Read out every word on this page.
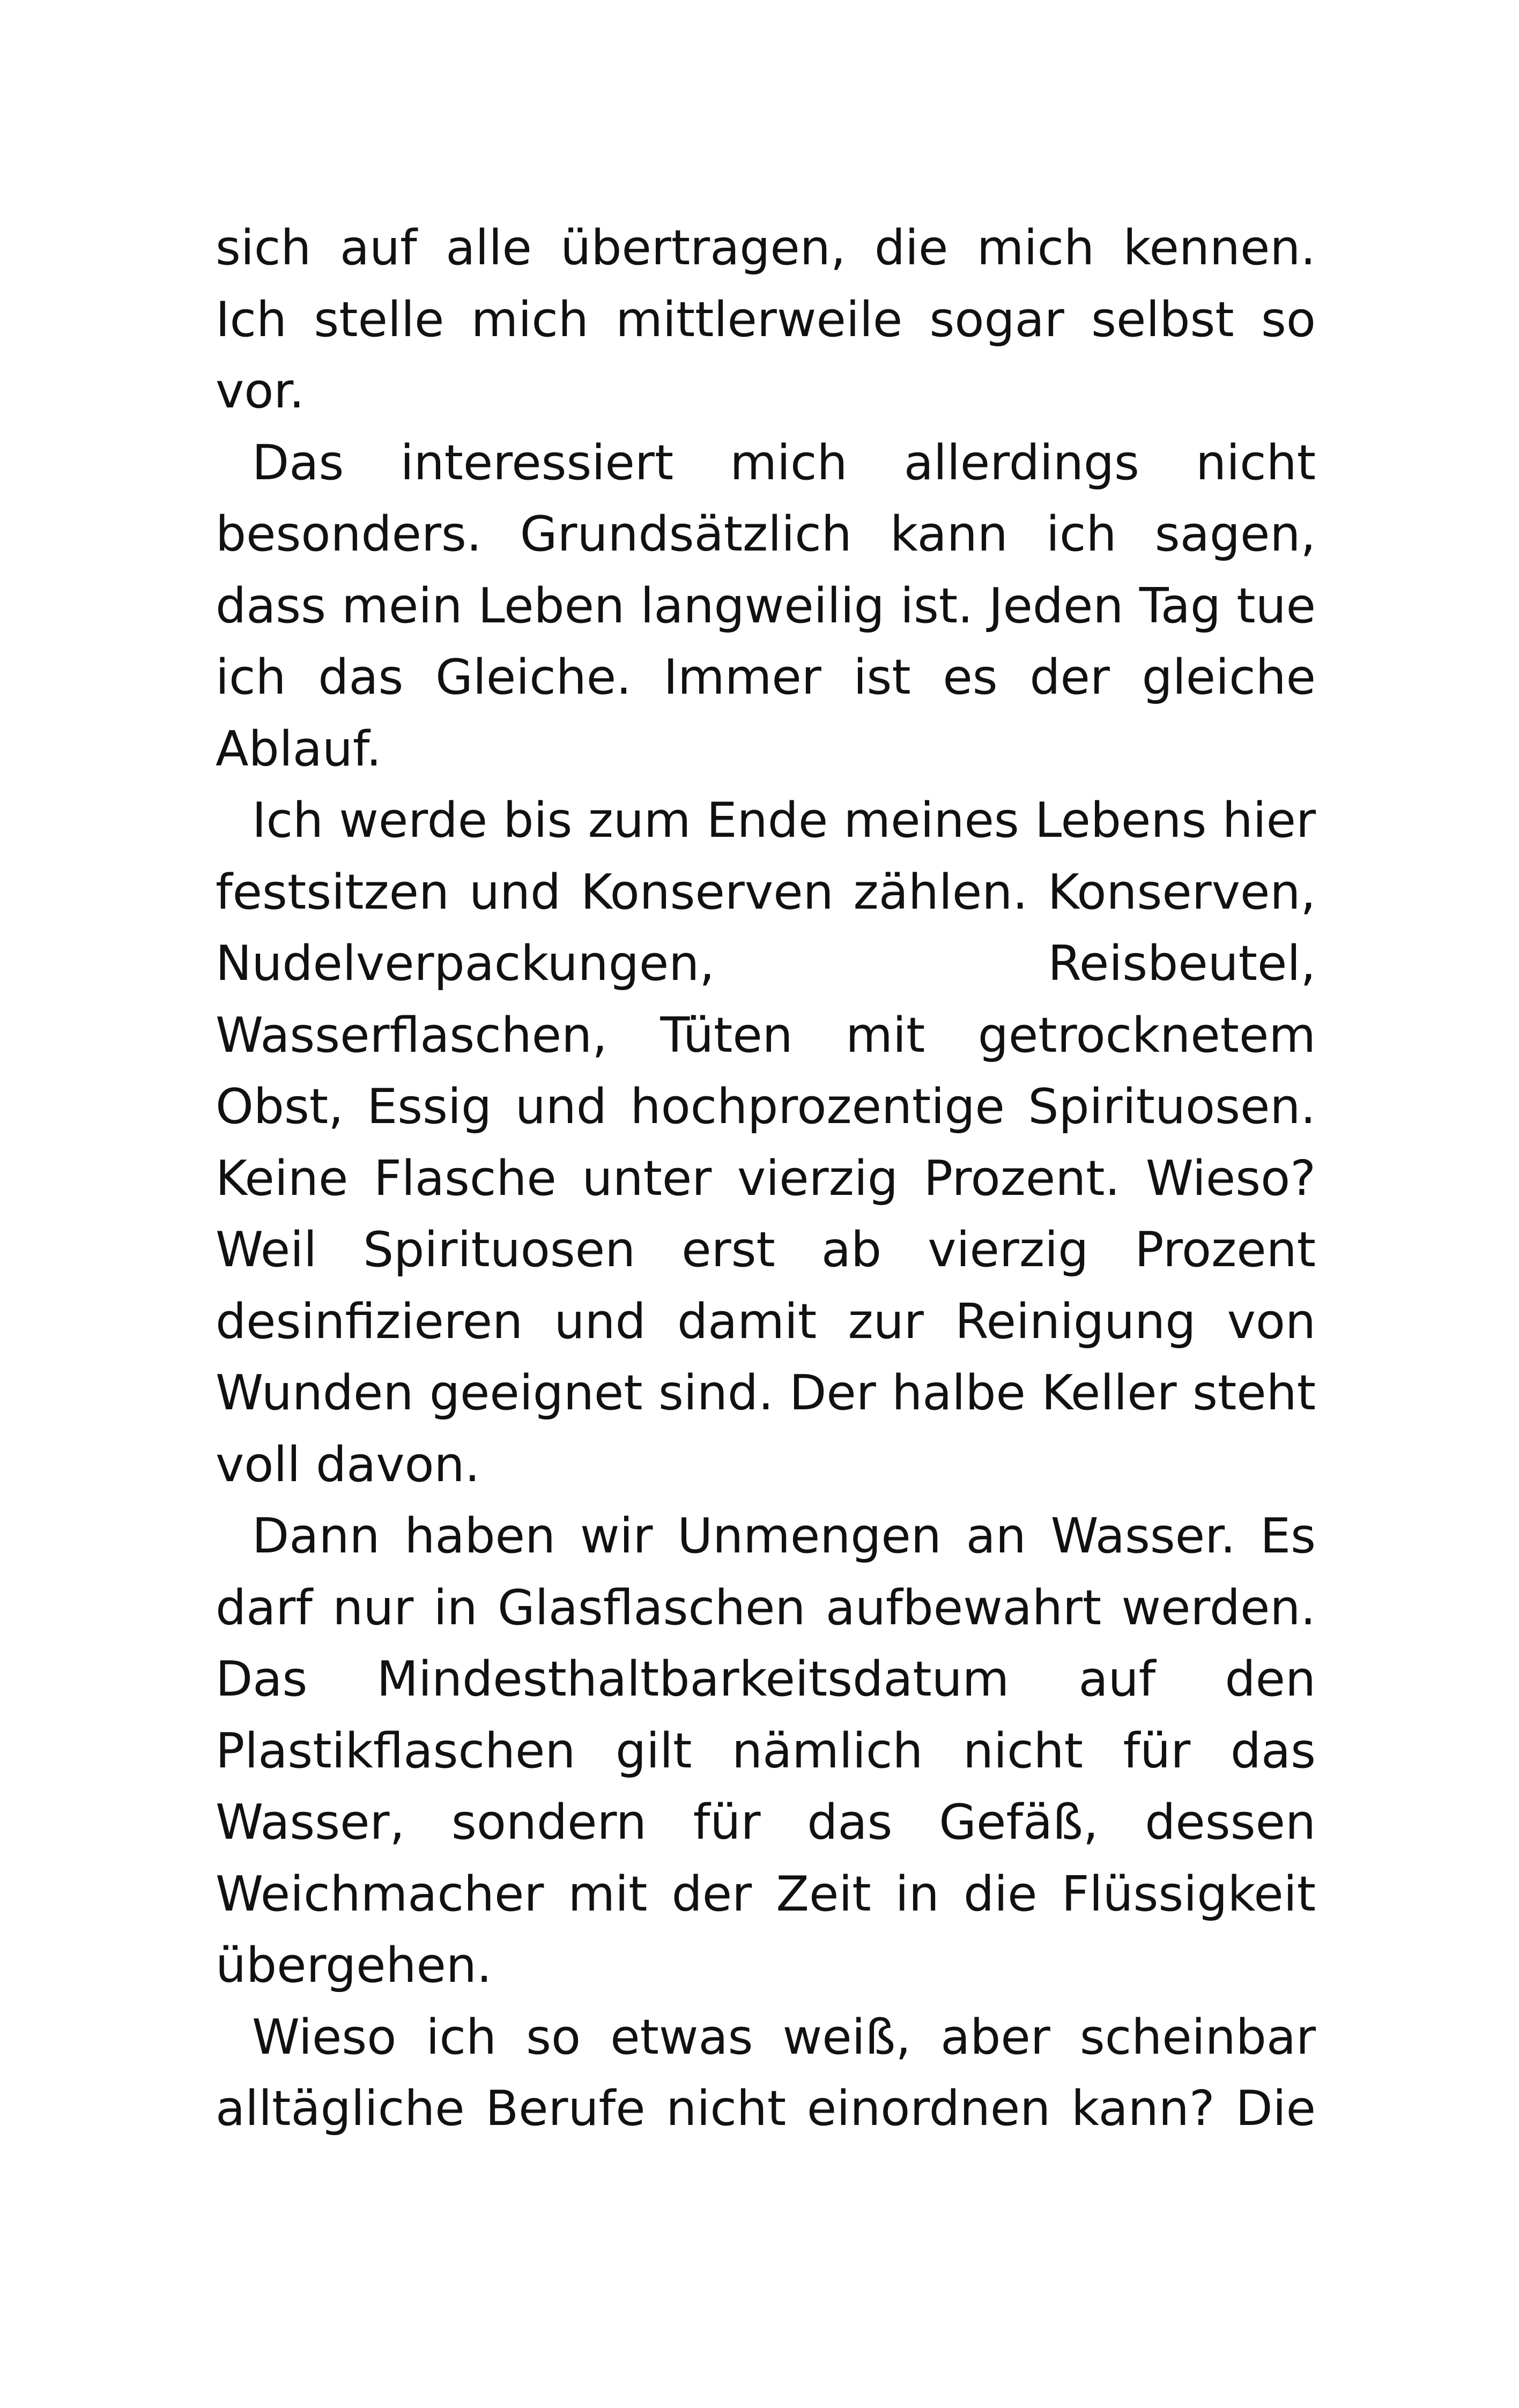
sich auf alle übertragen, die mich kennen. Ich stelle mich mittlerweile sogar selbst so vor.

Das interessiert mich allerdings nicht besonders. Grundsätzlich kann ich sagen, dass mein Leben langweilig ist. Jeden Tag tue ich das Gleiche. Immer ist es der gleiche Ablauf.

Ich werde bis zum Ende meines Lebens hier festsitzen und Konserven zählen. Konserven, Nudelverpackungen, Reisbeutel, Wasserflaschen, Tüten mit getrocknetem Obst, Essig und hochprozentige Spirituosen. Keine Flasche unter vierzig Prozent. Wieso? Weil Spirituosen erst ab vierzig Prozent desinfizieren und damit zur Reinigung von Wunden geeignet sind. Der halbe Keller steht voll davon.

Dann haben wir Unmengen an Wasser. Es darf nur in Glasflaschen aufbewahrt werden. Das Mindesthaltbarkeitsdatum auf den Plastikflaschen gilt nämlich nicht für das Wasser, sondern für das Gefäß, dessen Weichmacher mit der Zeit in die Flüssigkeit übergehen.

Wieso ich so etwas weiß, aber scheinbar alltägliche Berufe nicht einordnen kann? Die
